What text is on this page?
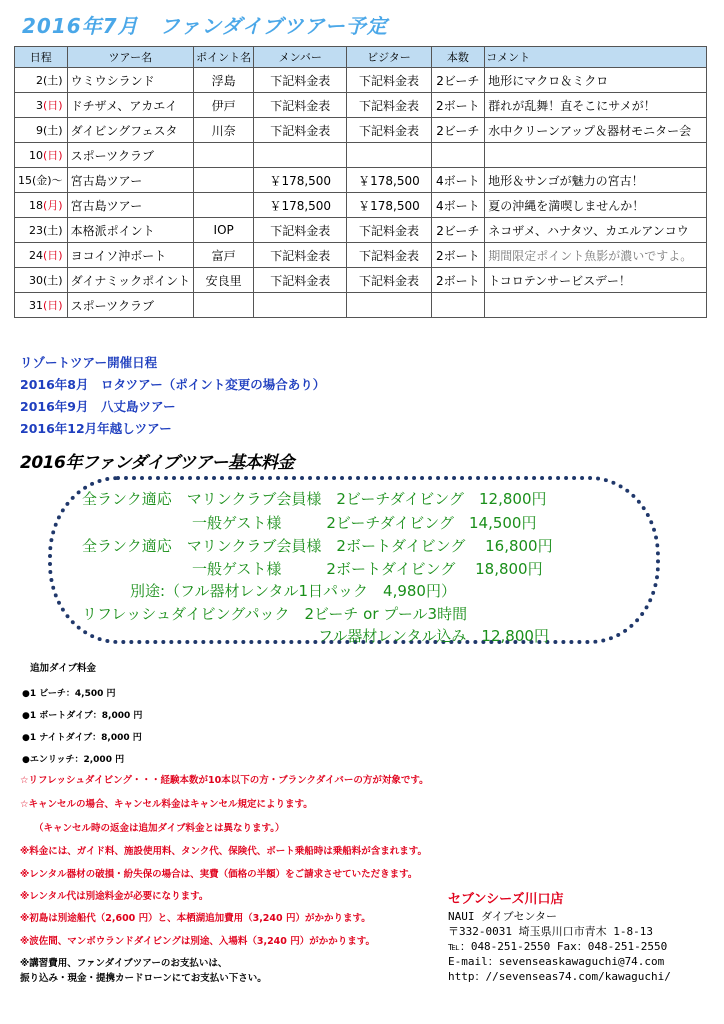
2016年7月　ファンダイブツアー予定
日程	ツアー名	ポイント名	メンバー	ビジター	本数	コメント
2(土)	ウミウシランド	浮島	下記料金表	下記料金表	2ビーチ	地形にマクロ＆ミクロ
3(日)	ドチザメ、アカエイ	伊戸	下記料金表	下記料金表	2ボート	群れが乱舞！直そこにサメが！
9(土)	ダイビングフェスタ	川奈	下記料金表	下記料金表	2ビーチ	水中クリーンアップ＆器材モニター会
10(日)	スポーツクラブ					
15(金)〜	宮古島ツアー		￥178,500	￥178,500	4ボート	地形＆サンゴが魅力の宮古！
18(月)	宮古島ツアー		￥178,500	￥178,500	4ボート	夏の沖縄を満喫しませんか！
23(土)	本格派ポイント	IOP	下記料金表	下記料金表	2ビーチ	ネコザメ、ハナタツ、カエルアンコウ
24(日)	ヨコイソ沖ボート	富戸	下記料金表	下記料金表	2ボート	期間限定ポイント魚影が濃いですよ。
30(土)	ダイナミックポイント	安良里	下記料金表	下記料金表	2ボート	トコロテンサービスデー！
31(日)	スポーツクラブ					
リゾートツアー開催日程
2016年8月　ロタツアー（ポイント変更の場合あり）
2016年9月　八丈島ツアー
2016年12月年越しツアー
2016年ファンダイブツアー基本料金
全ランク適応　マリンクラブ会員様　2ビーチダイビング　12,800円
一般ゲスト様　　　2ビーチダイビング　14,500円
全ランク適応　マリンクラブ会員様　2ボートダイビング　 16,800円
一般ゲスト様　　　2ボートダイビング　 18,800円
別途:（フル器材レンタル1日パック　4,980円）
リフレッシュダイビングパック　2ビーチ or プール3時間
フル器材レンタル込み　12,800円
追加ダイブ料金
●1 ビーチ：4,500 円
●1 ボートダイブ：8,000 円
●1 ナイトダイブ：8,000 円
●エンリッチ：2,000 円
☆リフレッシュダイビング・・・経験本数が10本以下の方・ブランクダイバーの方が対象です。
☆キャンセルの場合、キャンセル料金はキャンセル規定によります。
（キャンセル時の返金は追加ダイブ料金とは異なります。）
※料金には、ガイド料、施設使用料、タンク代、保険代、ボート乗船時は乗船料が含まれます。
※レンタル器材の破損・紛失保の場合は、実費（価格の半額）をご請求させていただきます。
※レンタル代は別途料金が必要になります。
※初島は別途船代（2,600 円）と、本栖湖追加費用（3,240 円）がかかります。
※波佐間、マンボウランドダイビングは別途、入場料（3,240 円）がかかります。
※講習費用、ファンダイブツアーのお支払いは、
振り込み・現金・提携カードローンにてお支払い下さい。
セブンシーズ川口店
NAUI ダイブセンター
〒332-0031 埼玉県川口市青木 1-8-13
℡：048-251-2550 Fax：048-251-2550
E-mail：sevenseaskawaguchi@74.com
http：//sevenseas74.com/kawaguchi/
